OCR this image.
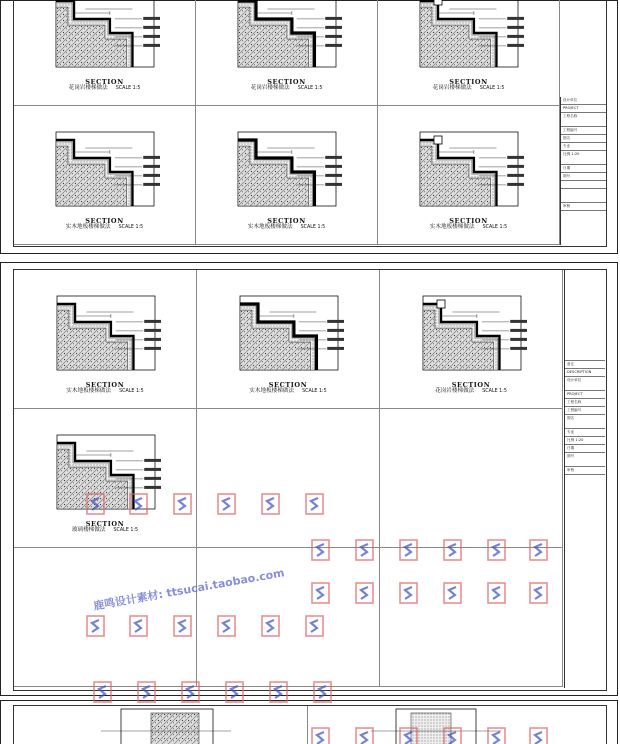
SECTION
花岗岩楼梯做法 SCALE 1:5
SECTION
花岗岩楼梯做法 SCALE 1:5
SECTION
花岗岩楼梯做法 SCALE 1:5
SECTION
实木地板楼梯做法 SCALE 1:5
SECTION
实木地板楼梯做法 SCALE 1:5
SECTION
实木地板楼梯做法 SCALE 1:5
设计单位
PROJECT
工程名称
工程编号
图名
专业
比例 1:20
日期
图号
审核
SECTION
实木地板楼梯做法 SCALE 1:5
SECTION
实木地板楼梯做法 SCALE 1:5
SECTION
花岗岩楼梯做法 SCALE 1:5
SECTION
玻璃楼梯做法 SCALE 1:5
备注
DESCRIPTION
设计单位
PROJECT
工程名称
工程编号
图名
专业
比例 1:20
日期
图号
审核
鹿鸣设计素材: ttsucai.taobao.com
